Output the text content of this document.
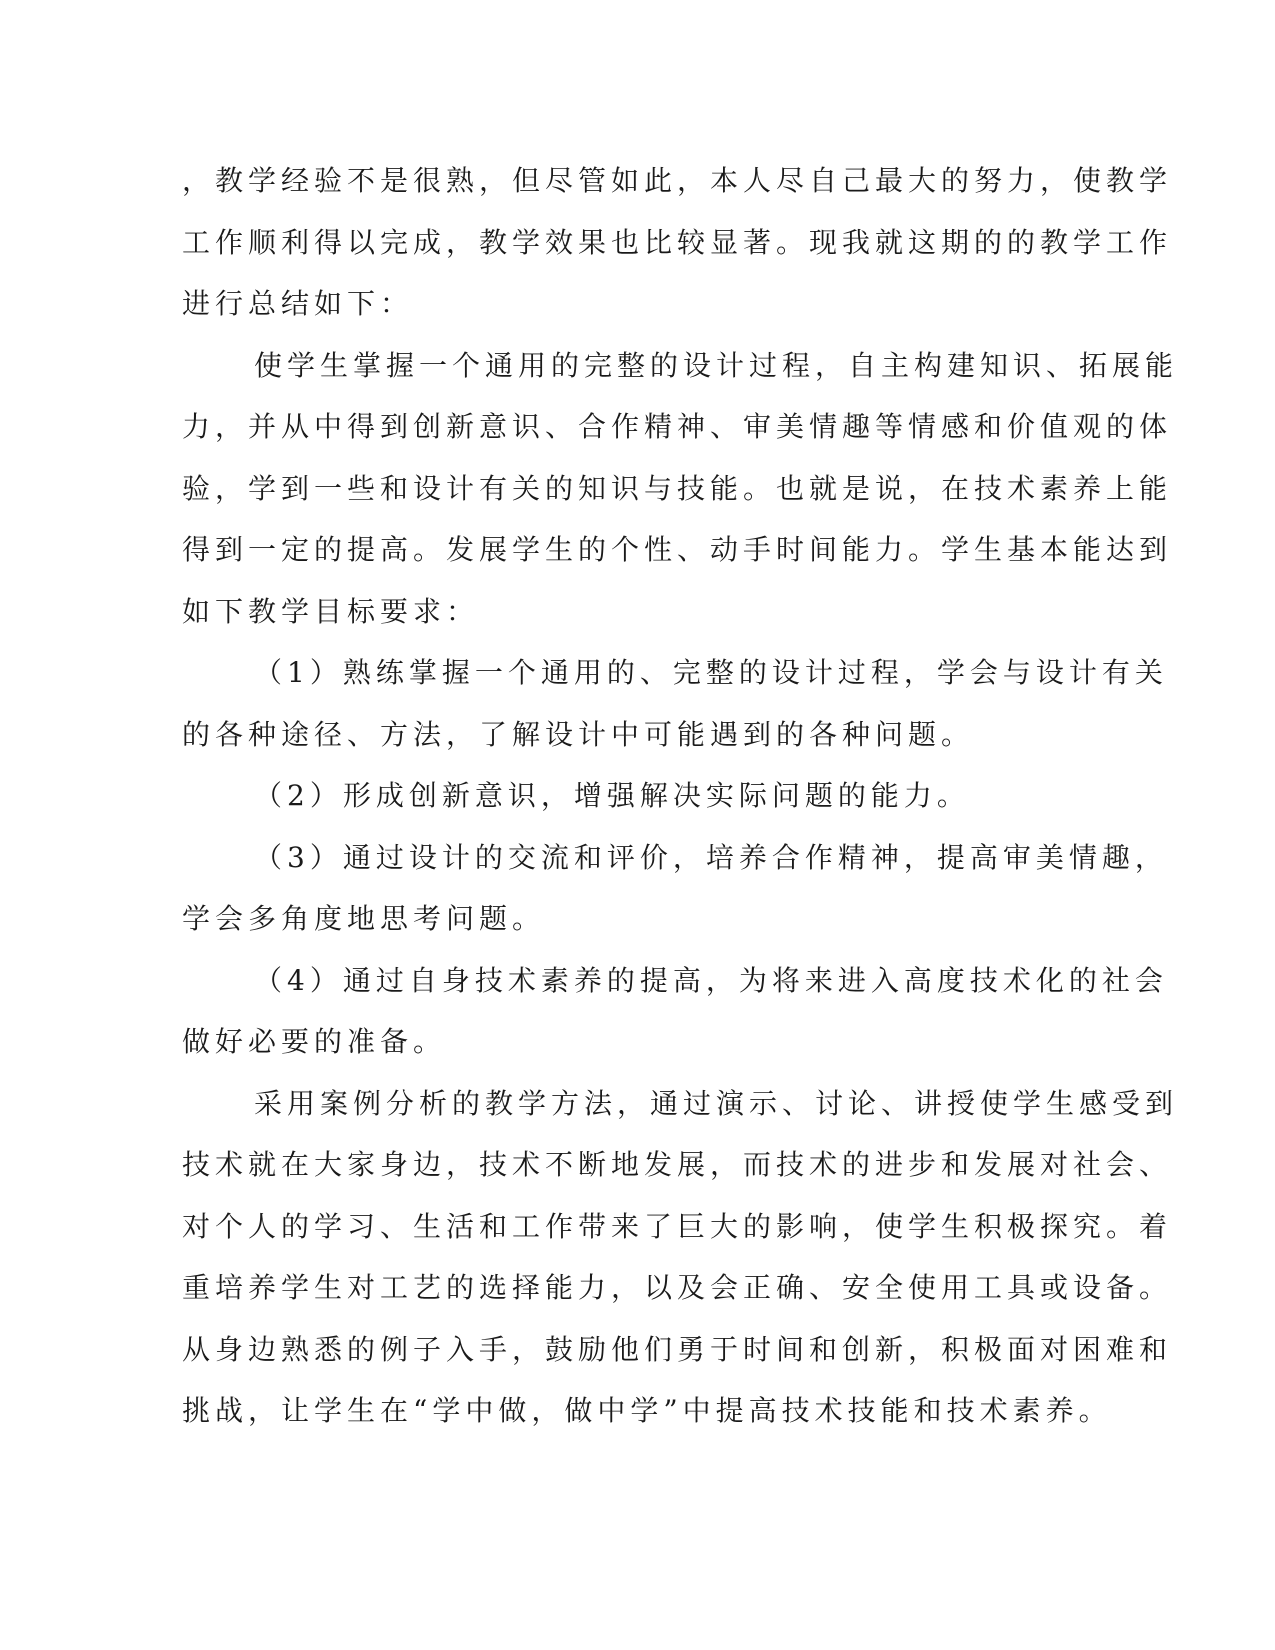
，教学经验不是很熟，但尽管如此，本人尽自己最大的努力，使教学
工作顺利得以完成，教学效果也比较显著。现我就这期的的教学工作
进行总结如下：
使学生掌握一个通用的完整的设计过程，自主构建知识、拓展能
力，并从中得到创新意识、合作精神、审美情趣等情感和价值观的体
验，学到一些和设计有关的知识与技能。也就是说，在技术素养上能
得到一定的提高。发展学生的个性、动手时间能力。学生基本能达到
如下教学目标要求：
（1）熟练掌握一个通用的、完整的设计过程，学会与设计有关
的各种途径、方法，了解设计中可能遇到的各种问题。
（2）形成创新意识，增强解决实际问题的能力。
（3）通过设计的交流和评价，培养合作精神，提高审美情趣，
学会多角度地思考问题。
（4）通过自身技术素养的提高，为将来进入高度技术化的社会
做好必要的准备。
采用案例分析的教学方法，通过演示、讨论、讲授使学生感受到
技术就在大家身边，技术不断地发展，而技术的进步和发展对社会、
对个人的学习、生活和工作带来了巨大的影响，使学生积极探究。着
重培养学生对工艺的选择能力，以及会正确、安全使用工具或设备。
从身边熟悉的例子入手，鼓励他们勇于时间和创新，积极面对困难和
挑战，让学生在“学中做，做中学”中提高技术技能和技术素养。
